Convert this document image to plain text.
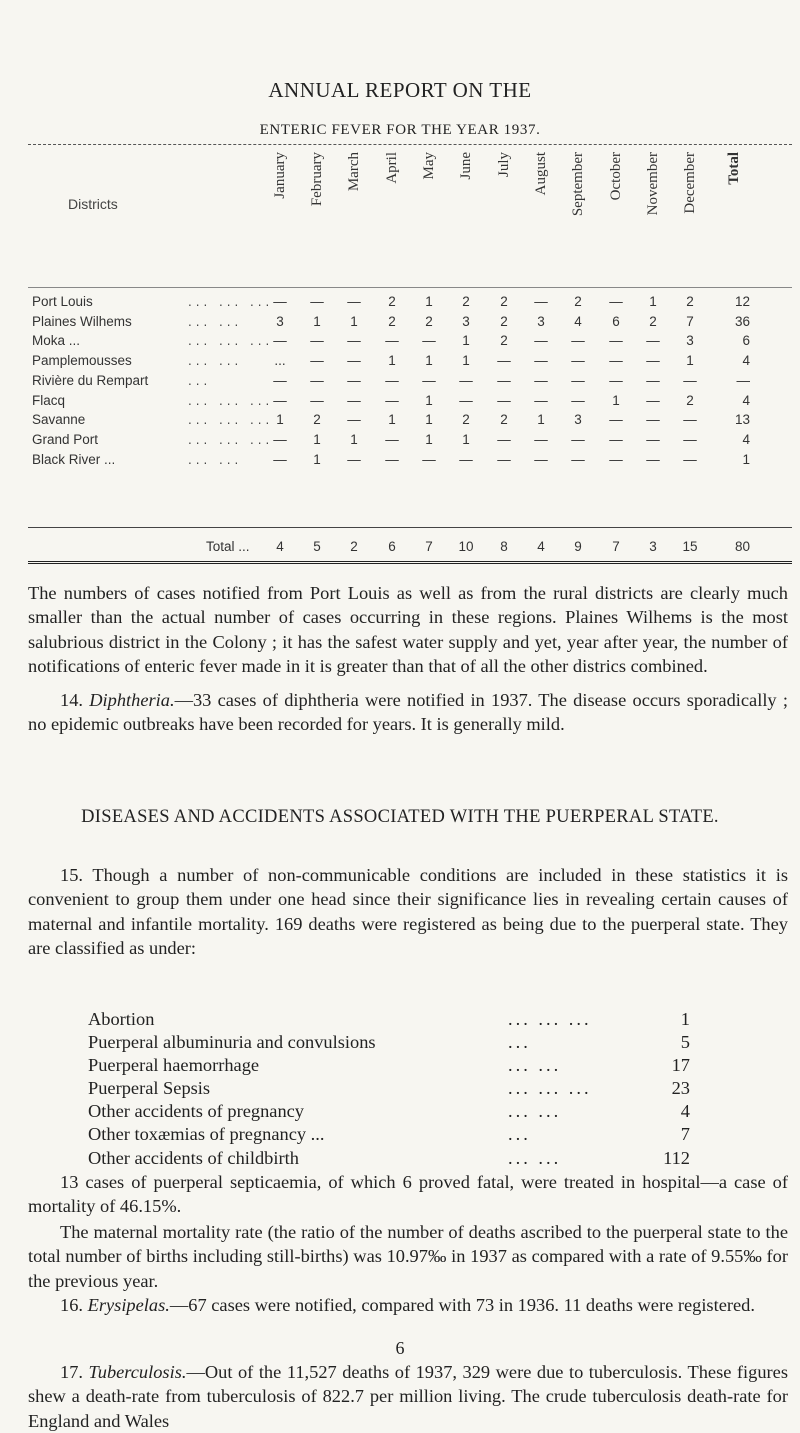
ANNUAL REPORT ON THE
ENTERIC FEVER FOR THE YEAR 1937.
Districts
January February March April May June July August September October November December Total
Port Louis	... ... ... —	—	—	2	1	2	2	—	2	—	1	2	12
Plaines Wilhems	... ...	3	1	1	2	2	3	2	3	4	6	2	7	36
Moka ...	... ... ... —	—	—	—	—	1	2	—	—	—	—	3	6
Pamplemousses	... ...	...	—	—	1	1	1	—	—	—	—	—	1	4
Rivière du Rempart	...	—	—	—	—	—	—	—	—	—	—	—	—	—
Flacq	... ... ... —	—	—	—	1	—	—	—	—	1	—	2	4
Savanne	... ... ... 1	2	—	1	1	2	2	1	3	—	—	—	13
Grand Port	... ... ... —	1	1	—	1	1	—	—	—	—	—	—	4
Black River ...	... ...	—	1	—	—	—	—	—	—	—	—	—	—	1
Total ...	4	5	2	6	7	10	8	4	9	7	3	15	80

The numbers of cases notified from Port Louis as well as from the rural districts are clearly much smaller than the actual number of cases occurring in these regions. Plaines Wilhems is the most salubrious district in the Colony ; it has the safest water supply and yet, year after year, the number of notifications of enteric fever made in it is greater than that of all the other districs combined.

14. Diphtheria.—33 cases of diphtheria were notified in 1937. The disease occurs sporadically ; no epidemic outbreaks have been recorded for years. It is generally mild.

DISEASES AND ACCIDENTS ASSOCIATED WITH THE PUERPERAL STATE.

15. Though a number of non-communicable conditions are included in these statistics it is convenient to group them under one head since their significance lies in revealing certain causes of maternal and infantile mortality. 169 deaths were registered as being due to the puerperal state. They are classified as under:

Abortion	... ... ...	1
Puerperal albuminuria and convulsions	...	5
Puerperal haemorrhage	... ...	17
Puerperal Sepsis	... ... ...	23
Other accidents of pregnancy	... ...	4
Other toxæmias of pregnancy ...	...	7
Other accidents of childbirth	... ...	112

13 cases of puerperal septicaemia, of which 6 proved fatal, were treated in hospital—a case of mortality of 46.15%.

The maternal mortality rate (the ratio of the number of deaths ascribed to the puerperal state to the total number of births including still-births) was 10.97‰ in 1937 as compared with a rate of 9.55‰ for the previous year.

16. Erysipelas.—67 cases were notified, compared with 73 in 1936. 11 deaths were registered.

17. Tuberculosis.—Out of the 11,527 deaths of 1937, 329 were due to tuberculosis. These figures shew a death-rate from tuberculosis of 822.7 per million living. The crude tuberculosis death-rate for England and Wales

6
